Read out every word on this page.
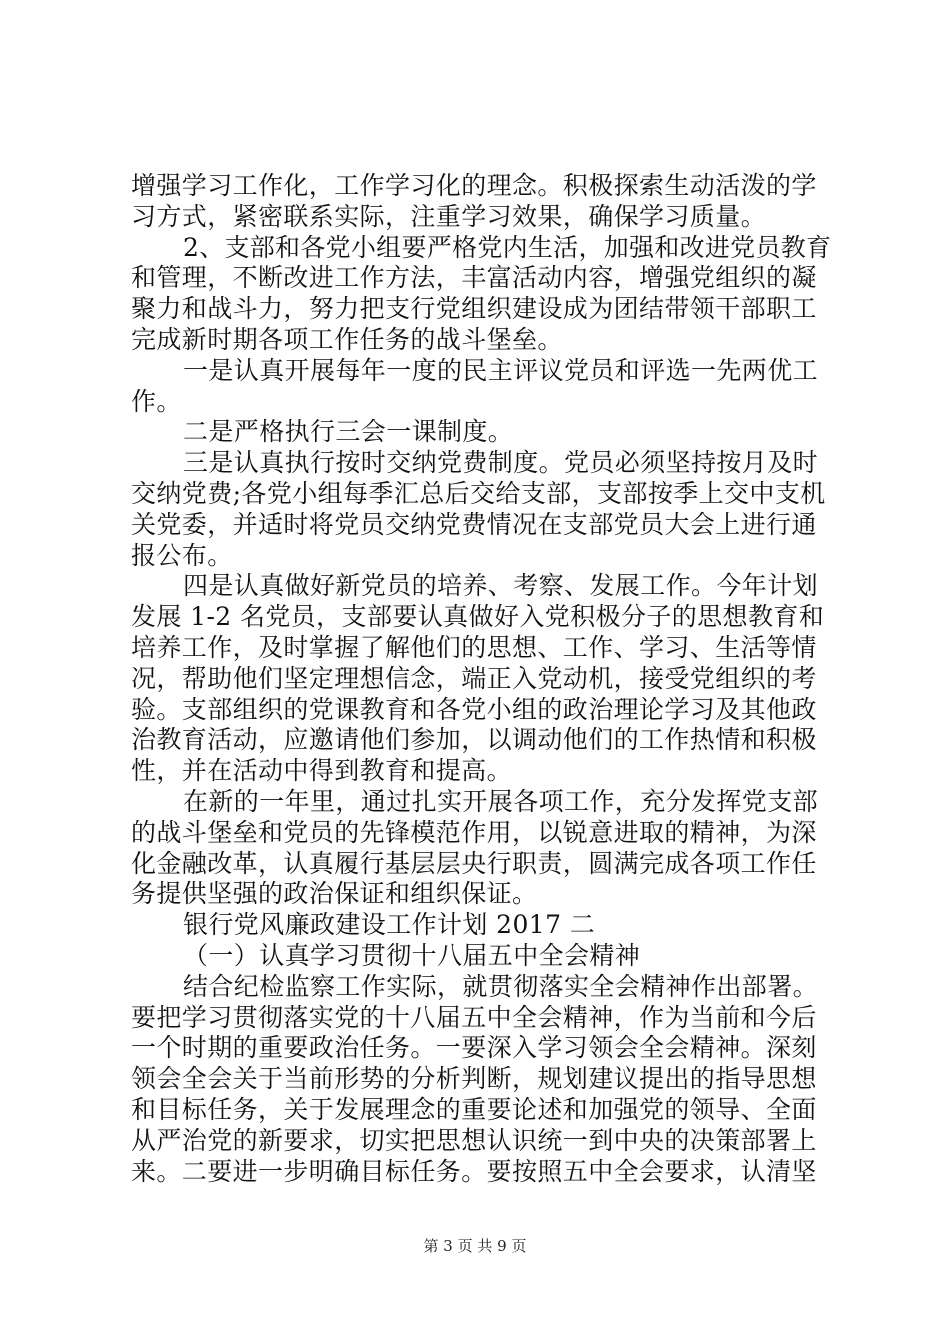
增强学习工作化，工作学习化的理念。积极探索生动活泼的学
习方式，紧密联系实际，注重学习效果，确保学习质量。
2、支部和各党小组要严格党内生活，加强和改进党员教育
和管理，不断改进工作方法，丰富活动内容，增强党组织的凝
聚力和战斗力，努力把支行党组织建设成为团结带领干部职工
完成新时期各项工作任务的战斗堡垒。
一是认真开展每年一度的民主评议党员和评选一先两优工
作。
二是严格执行三会一课制度。
三是认真执行按时交纳党费制度。党员必须坚持按月及时
交纳党费;各党小组每季汇总后交给支部，支部按季上交中支机
关党委，并适时将党员交纳党费情况在支部党员大会上进行通
报公布。
四是认真做好新党员的培养、考察、发展工作。今年计划
发展 1-2 名党员，支部要认真做好入党积极分子的思想教育和
培养工作，及时掌握了解他们的思想、工作、学习、生活等情
况，帮助他们坚定理想信念，端正入党动机，接受党组织的考
验。支部组织的党课教育和各党小组的政治理论学习及其他政
治教育活动，应邀请他们参加，以调动他们的工作热情和积极
性，并在活动中得到教育和提高。
在新的一年里，通过扎实开展各项工作，充分发挥党支部
的战斗堡垒和党员的先锋模范作用，以锐意进取的精神，为深
化金融改革，认真履行基层层央行职责，圆满完成各项工作任
务提供坚强的政治保证和组织保证。
银行党风廉政建设工作计划 2017 二
（一）认真学习贯彻十八届五中全会精神
结合纪检监察工作实际，就贯彻落实全会精神作出部署。
要把学习贯彻落实党的十八届五中全会精神，作为当前和今后
一个时期的重要政治任务。一要深入学习领会全会精神。深刻
领会全会关于当前形势的分析判断，规划建议提出的指导思想
和目标任务，关于发展理念的重要论述和加强党的领导、全面
从严治党的新要求，切实把思想认识统一到中央的决策部署上
来。二要进一步明确目标任务。要按照五中全会要求，认清坚
第 3 页 共 9 页
